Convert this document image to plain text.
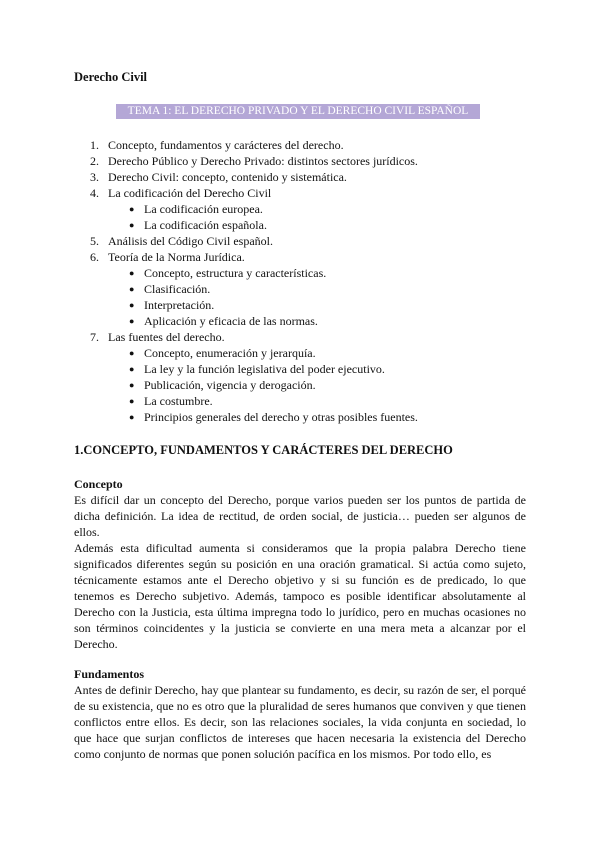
Derecho Civil
TEMA 1: EL DERECHO PRIVADO Y EL DERECHO CIVIL ESPAÑOL
1. Concepto, fundamentos y carácteres del derecho.
2. Derecho Público y Derecho Privado: distintos sectores jurídicos.
3. Derecho Civil: concepto, contenido y sistemática.
4. La codificación del Derecho Civil
● La codificación europea.
● La codificación española.
5. Análisis del Código Civil español.
6. Teoría de la Norma Jurídica.
● Concepto, estructura y características.
● Clasificación.
● Interpretación.
● Aplicación y eficacia de las normas.
7. Las fuentes del derecho.
● Concepto, enumeración y jerarquía.
● La ley y la función legislativa del poder ejecutivo.
● Publicación, vigencia y derogación.
● La costumbre.
● Principios generales del derecho y otras posibles fuentes.
1.CONCEPTO, FUNDAMENTOS Y CARÁCTERES DEL DERECHO
Concepto

Es difícil dar un concepto del Derecho, porque varios pueden ser los puntos de partida de dicha definición. La idea de rectitud, de orden social, de justicia… pueden ser algunos de ellos.

Además esta dificultad aumenta si consideramos que la propia palabra Derecho tiene significados diferentes según su posición en una oración gramatical. Si actúa como sujeto, técnicamente estamos ante el Derecho objetivo y si su función es de predicado, lo que tenemos es Derecho subjetivo. Además, tampoco es posible identificar absolutamente al Derecho con la Justicia, esta última impregna todo lo jurídico, pero en muchas ocasiones no son términos coincidentes y la justicia se convierte en una mera meta a alcanzar por el Derecho.

Fundamentos

Antes de definir Derecho, hay que plantear su fundamento, es decir, su razón de ser, el porqué de su existencia, que no es otro que la pluralidad de seres humanos que conviven y que tienen conflictos entre ellos. Es decir, son las relaciones sociales, la vida conjunta en sociedad, lo que hace que surjan conflictos de intereses que hacen necesaria la existencia del Derecho como conjunto de normas que ponen solución pacífica en los mismos. Por todo ello, es
